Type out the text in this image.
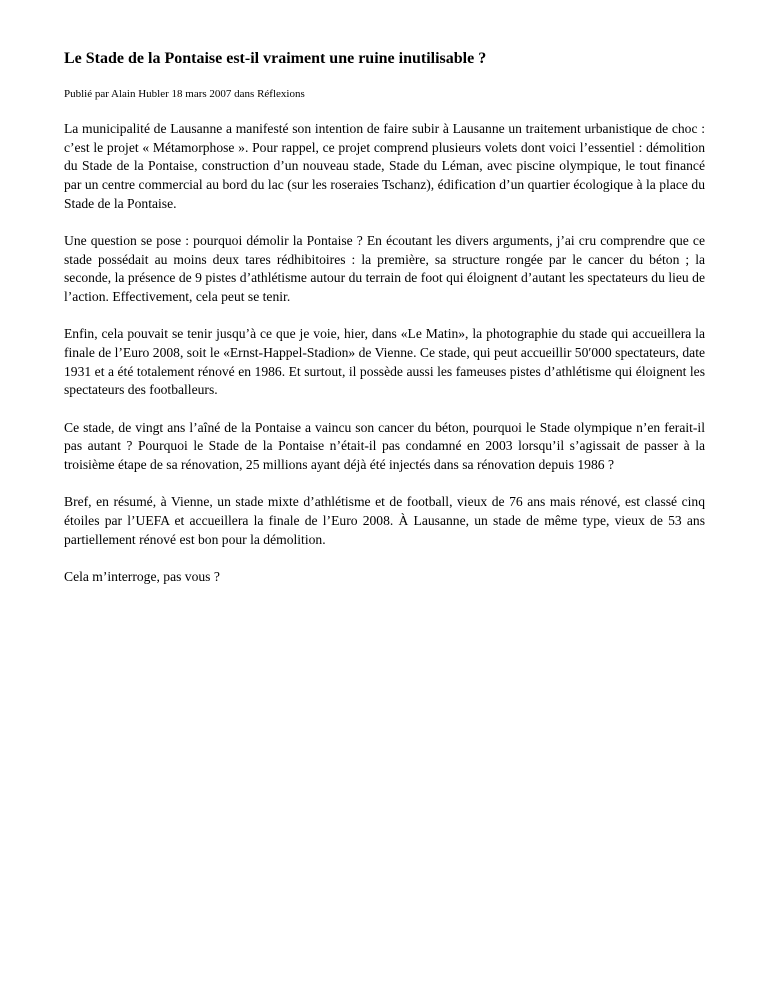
Le Stade de la Pontaise est-il vraiment une ruine inutilisable ?

Publié par Alain Hubler 18 mars 2007 dans Réflexions

La municipalité de Lausanne a manifesté son intention de faire subir à Lausanne un traitement urbanistique de choc : c’est le projet « Métamorphose ». Pour rappel, ce projet comprend plusieurs volets dont voici l’essentiel : démolition du Stade de la Pontaise, construction d’un nouveau stade, Stade du Léman, avec piscine olympique, le tout financé par un centre commercial au bord du lac (sur les roseraies Tschanz), édification d’un quartier écologique à la place du Stade de la Pontaise.

Une question se pose : pourquoi démolir la Pontaise ? En écoutant les divers arguments, j’ai cru comprendre que ce stade possédait au moins deux tares rédhibitoires : la première, sa structure rongée par le cancer du béton ; la seconde, la présence de 9 pistes d’athlétisme autour du terrain de foot qui éloignent d’autant les spectateurs du lieu de l’action. Effectivement, cela peut se tenir.

Enfin, cela pouvait se tenir jusqu’à ce que je voie, hier, dans «Le Matin», la photographie du stade qui accueillera la finale de l’Euro 2008, soit le «Ernst-Happel-Stadion» de Vienne. Ce stade, qui peut accueillir 50′000 spectateurs, date 1931 et a été totalement rénové en 1986. Et surtout, il possède aussi les fameuses pistes d’athlétisme qui éloignent les spectateurs des footballeurs.

Ce stade, de vingt ans l’aîné de la Pontaise a vaincu son cancer du béton, pourquoi le Stade olympique n’en ferait-il pas autant ? Pourquoi le Stade de la Pontaise n’était-il pas condamné en 2003 lorsqu’il s’agissait de passer à la troisième étape de sa rénovation, 25 millions ayant déjà été injectés dans sa rénovation depuis 1986 ?

Bref, en résumé, à Vienne, un stade mixte d’athlétisme et de football, vieux de 76 ans mais rénové, est classé cinq étoiles par l’UEFA et accueillera la finale de l’Euro 2008. À Lausanne, un stade de même type, vieux de 53 ans partiellement rénové est bon pour la démolition.

Cela m’interroge, pas vous ?
